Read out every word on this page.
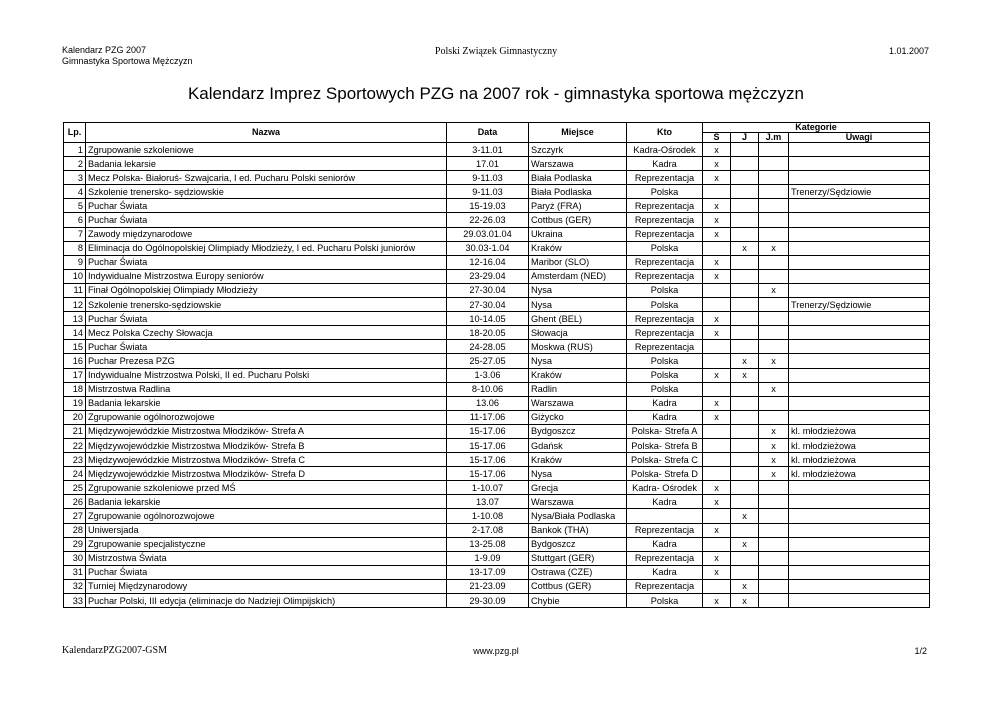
Kalendarz PZG 2007
Gimnastyka Sportowa Mężczyzn
Polski Związek Gimnastyczny	1.01.2007
Kalendarz Imprez Sportowych PZG na 2007 rok - gimnastyka sportowa mężczyzn
Lp.	Nazwa	Data	Miejsce	Kto	Kategorie			
					S	J	J.m	Uwagi
1	Zgrupowanie szkoleniowe	3-11.01	Szczyrk	Kadra-Ośrodek	x			
2	Badania lekarsie	17.01	Warszawa	Kadra	x			
3	Mecz Polska- Białoruś- Szwajcaria, I ed. Pucharu Polski seniorów	9-11.03	Biała Podlaska	Reprezentacja	x			
4	Szkolenie trenersko- sędziowskie	9-11.03	Biała Podlaska	Polska				Trenerzy/Sędziowie
5	Puchar Świata	15-19.03	Paryż (FRA)	Reprezentacja	x			
6	Puchar Świata	22-26.03	Cottbus (GER)	Reprezentacja	x			
7	Zawody międzynarodowe	29.03.01.04	Ukraina	Reprezentacja	x			
8	Eliminacja do Ogólnopolskiej Olimpiady Młodzieży, I ed. Pucharu Polski juniorów	30.03-1.04	Kraków	Polska		x	x	
9	Puchar Świata	12-16.04	Maribor (SLO)	Reprezentacja	x			
10	Indywidualne Mistrzostwa Europy seniorów	23-29.04	Amsterdam (NED)	Reprezentacja	x			
11	Finał Ogólnopolskiej Olimpiady Młodzieży	27-30.04	Nysa	Polska			x	
12	Szkolenie trenersko-sędziowskie	27-30.04	Nysa	Polska				Trenerzy/Sędziowie
13	Puchar Świata	10-14.05	Ghent (BEL)	Reprezentacja	x			
14	Mecz Polska Czechy Słowacja	18-20.05	Słowacja	Reprezentacja	x			
15	Puchar Świata	24-28.05	Moskwa (RUS)	Reprezentacja				
16	Puchar Prezesa PZG	25-27.05	Nysa	Polska		x	x	
17	Indywidualne Mistrzostwa Polski, II ed. Pucharu Polski	1-3.06	Kraków	Polska	x	x		
18	Mistrzostwa Radlina	8-10.06	Radlin	Polska			x	
19	Badania lekarskie	13.06	Warszawa	Kadra	x			
20	Zgrupowanie ogólnorozwojowe	11-17.06	Giżycko	Kadra	x			
21	Międzywojewódzkie Mistrzostwa Młodzików- Strefa A	15-17.06	Bydgoszcz	Polska- Strefa A			x	kl. młodzieżowa
22	Międzywojewódzkie Mistrzostwa Młodzików- Strefa B	15-17.06	Gdańsk	Polska- Strefa B			x	kl. młodzieżowa
23	Międzywojewódzkie Mistrzostwa Młodzików- Strefa C	15-17.06	Kraków	Polska- Strefa C			x	kl. młodzieżowa
24	Międzywojewódzkie Mistrzostwa Młodzików- Strefa D	15-17.06	Nysa	Polska- Strefa D			x	kl. młodzieżowa
25	Zgrupowanie szkoleniowe przed MŚ	1-10.07	Grecja	Kadra- Ośrodek	x			
26	Badania lekarskie	13.07	Warszawa	Kadra	x			
27	Zgrupowanie ogólnorozwojowe	1-10.08	Nysa/Biała Podlaska			x		
28	Uniwersjada	2-17.08	Bankok (THA)	Reprezentacja	x			
29	Zgrupowanie specjalistyczne	13-25.08	Bydgoszcz	Kadra		x		
30	Mistrzostwa Świata	1-9.09	Stuttgart (GER)	Reprezentacja	x			
31	Puchar Świata	13-17.09	Ostrawa (CZE)	Kadra	x			
32	Turniej Międzynarodowy	21-23.09	Cottbus (GER)	Reprezentacja		x		
33	Puchar Polski, III edycja (eliminacje do Nadzieji Olimpijskich)	29-30.09	Chybie	Polska	x	x		
KalendarzPZG2007-GSM	www.pzg.pl	1/2
